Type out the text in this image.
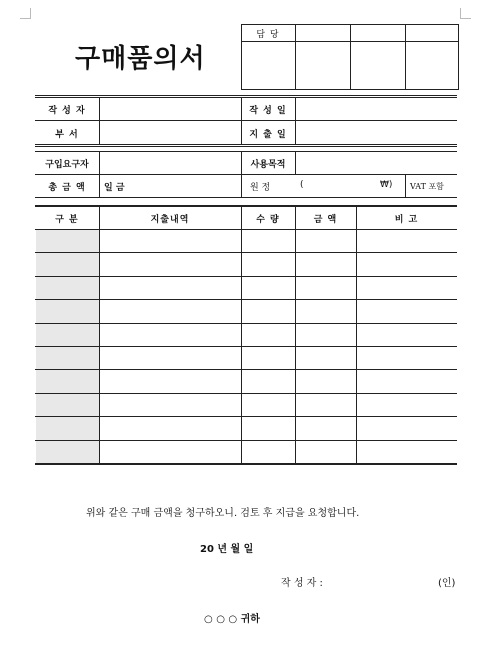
구매품의서
담 당
작 성 자	작 성 일
부 서	지 출 일
구입요구자	사용목적
총 금 액	일 금	원 정	(	₩) VAT 포함
구 분	지출내역	수 량	금 액	비 고
위와 같은 구매 금액을 청구하오니. 검토 후 지급을 요청합니다.
20 년 월 일
작 성 자 :	(인)
○ ○ ○ 귀하
